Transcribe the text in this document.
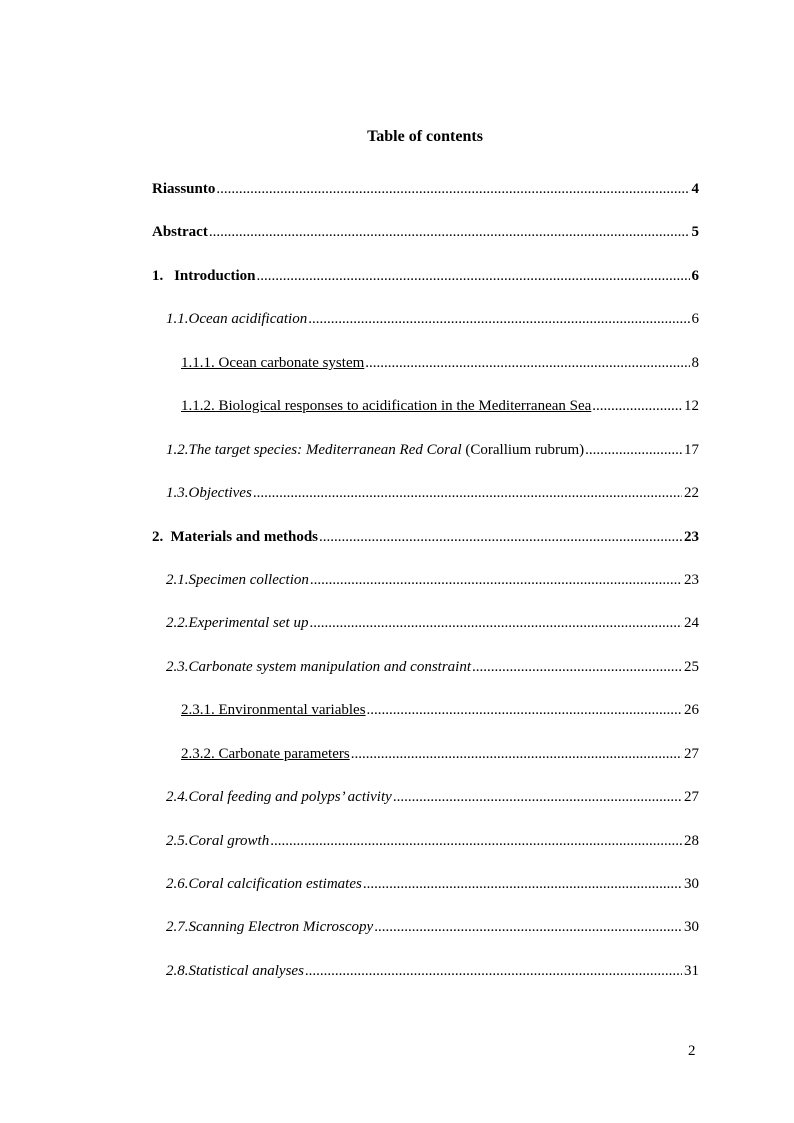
Table of contents
Riassunto .....	4
Abstract .....	5
1. Introduction .....	6
1.1. Ocean acidification .....	6
1.1.1. Ocean carbonate system .....	8
1.1.2. Biological responses to acidification in the Mediterranean Sea .....	12
1.2. The target species: Mediterranean Red Coral
(Corallium rubrum) .....	17
1.3. Objectives .....	22
2. Materials and methods .....	23
2.1. Specimen collection .....	23
2.2. Experimental set up .....	24
2.3. Carbonate system manipulation and constraint .....	25
2.3.1. Environmental variables .....	26
2.3.2. Carbonate parameters .....	27
2.4. Coral feeding and polyps’ activity .....	27
2.5. Coral growth .....	28
2.6. Coral calcification estimates .....	30
2.7. Scanning Electron Microscopy .....	30
2.8. Statistical analyses .....	31
2
